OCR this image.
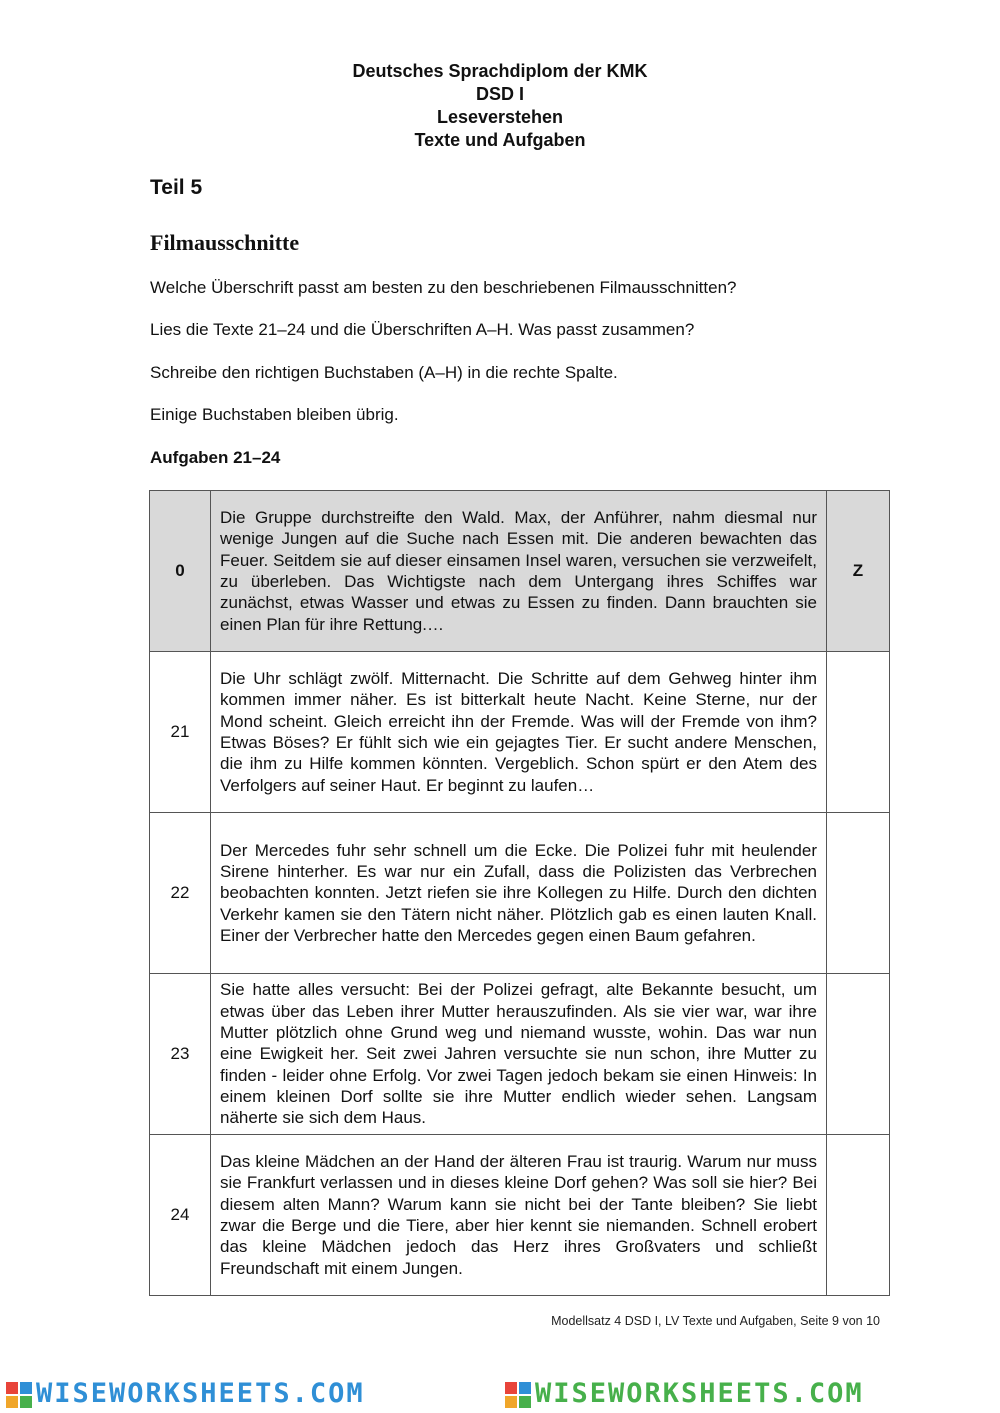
Deutsches Sprachdiplom der KMK
DSD I
Leseverstehen
Texte und Aufgaben
Teil 5
Filmausschnitte
Welche Überschrift passt am besten zu den beschriebenen Filmausschnitten?
Lies die Texte 21–24 und die Überschriften A–H. Was passt zusammen?
Schreibe den richtigen Buchstaben (A–H) in die rechte Spalte.
Einige Buchstaben bleiben übrig.
Aufgaben 21–24
0	Die Gruppe durchstreifte den Wald. Max, der Anführer, nahm diesmal nur wenige Jungen auf die Suche nach Essen mit. Die anderen bewachten das Feuer. Seitdem sie auf dieser einsamen Insel waren, versuchen sie verzweifelt, zu überleben. Das Wichtigste nach dem Untergang ihres Schiffes war zunächst, etwas Wasser und etwas zu Essen zu finden. Dann brauchten sie einen Plan für ihre Rettung.…	Z
21	Die Uhr schlägt zwölf. Mitternacht. Die Schritte auf dem Gehweg hinter ihm kommen immer näher. Es ist bitterkalt heute Nacht. Keine Sterne, nur der Mond scheint. Gleich erreicht ihn der Fremde. Was will der Fremde von ihm? Etwas Böses? Er fühlt sich wie ein gejagtes Tier. Er sucht andere Menschen, die ihm zu Hilfe kommen könnten. Vergeblich. Schon spürt er den Atem des Verfolgers auf seiner Haut. Er beginnt zu laufen…	
22	Der Mercedes fuhr sehr schnell um die Ecke. Die Polizei fuhr mit heulender Sirene hinterher. Es war nur ein Zufall, dass die Polizisten das Verbrechen beobachten konnten. Jetzt riefen sie ihre Kollegen zu Hilfe. Durch den dichten Verkehr kamen sie den Tätern nicht näher. Plötzlich gab es einen lauten Knall. Einer der Verbrecher hatte den Mercedes gegen einen Baum gefahren.	
23	Sie hatte alles versucht: Bei der Polizei gefragt, alte Bekannte besucht, um etwas über das Leben ihrer Mutter herauszufinden. Als sie vier war, war ihre Mutter plötzlich ohne Grund weg und niemand wusste, wohin. Das war nun eine Ewigkeit her. Seit zwei Jahren versuchte sie nun schon, ihre Mutter zu finden - leider ohne Erfolg. Vor zwei Tagen jedoch bekam sie einen Hinweis: In einem kleinen Dorf sollte sie ihre Mutter endlich wieder sehen. Langsam näherte sie sich dem Haus.	
24	Das kleine Mädchen an der Hand der älteren Frau ist traurig. Warum nur muss sie Frankfurt verlassen und in dieses kleine Dorf gehen? Was soll sie hier? Bei diesem alten Mann? Warum kann sie nicht bei der Tante bleiben? Sie liebt zwar die Berge und die Tiere, aber hier kennt sie niemanden. Schnell erobert das kleine Mädchen jedoch das Herz ihres Großvaters und schließt Freundschaft mit einem Jungen.	
Modellsatz 4 DSD I, LV Texte und Aufgaben, Seite 9 von 10
WISEWORKSHEETS.COM	WISEWORKSHEETS.COM
